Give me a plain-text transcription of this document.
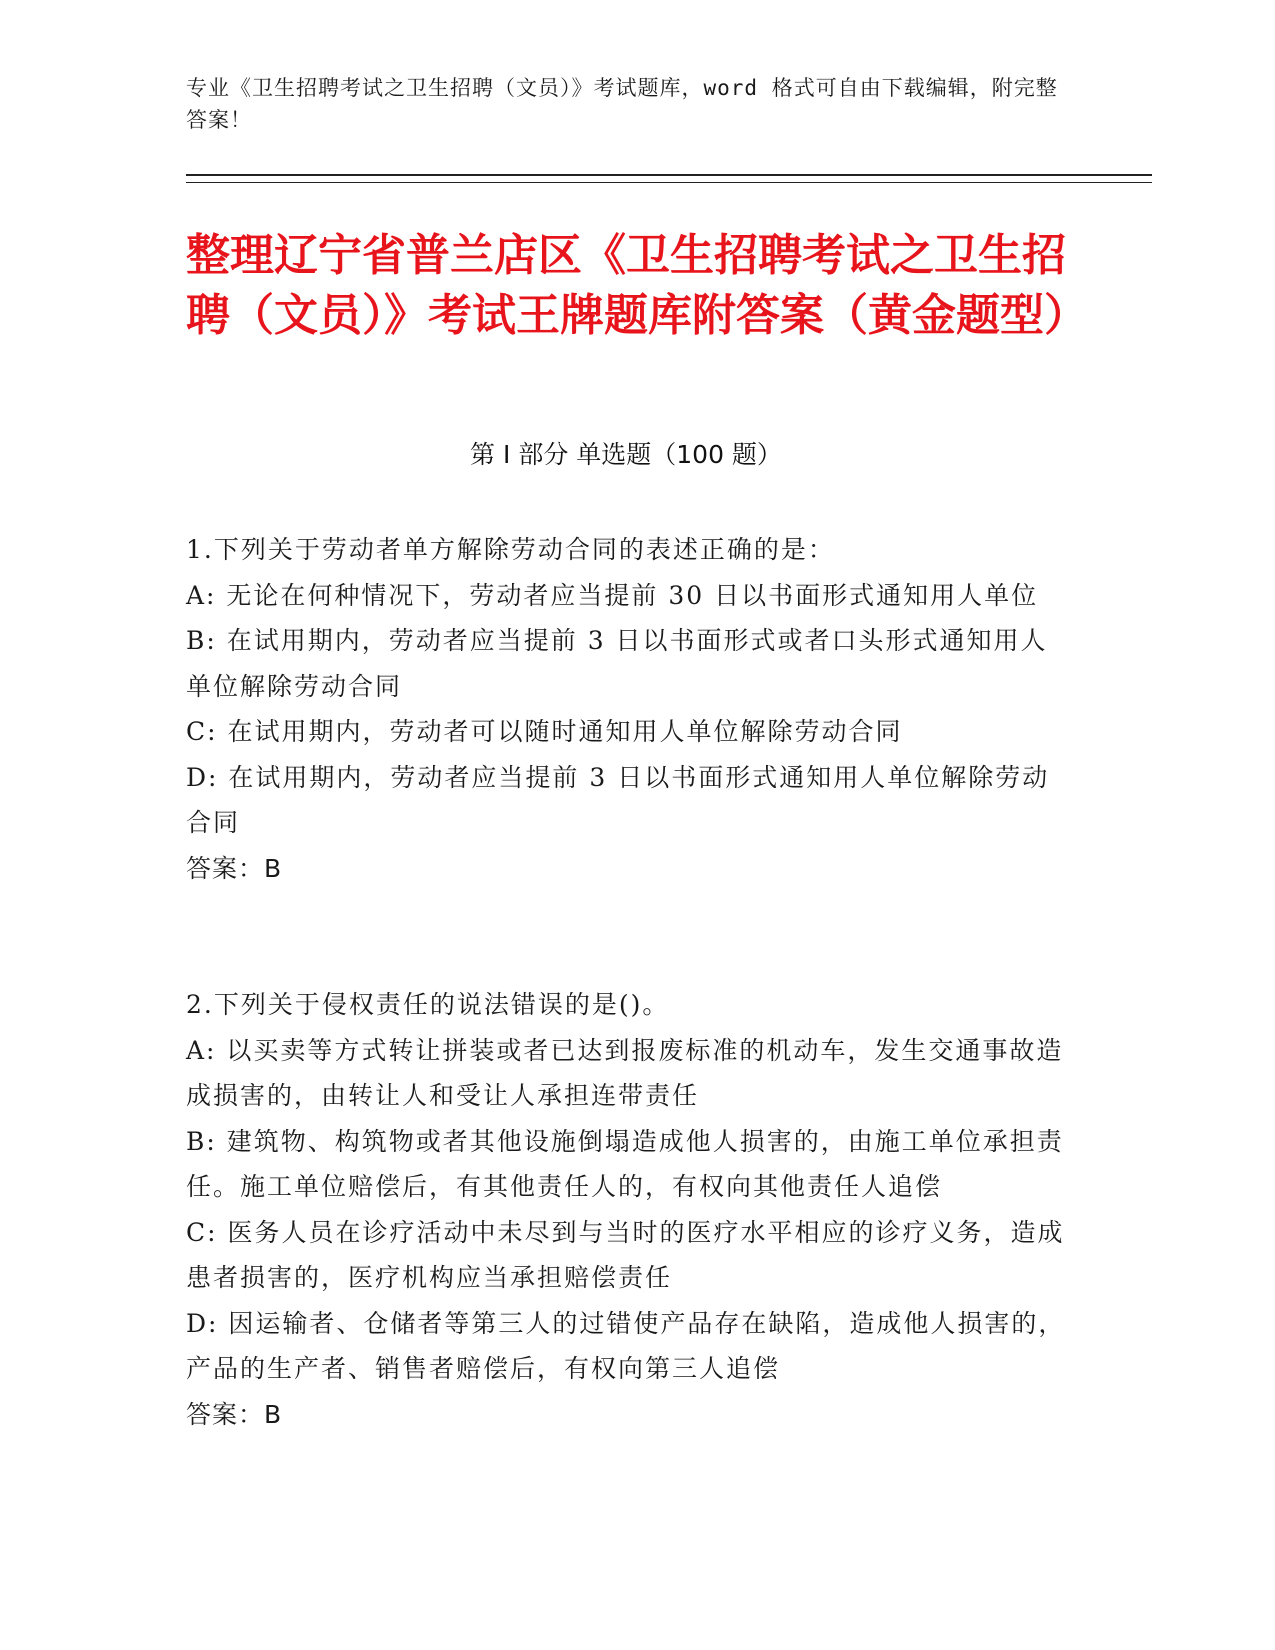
专业《卫生招聘考试之卫生招聘（文员）》考试题库，word 格式可自由下载编辑，附完整答案！
整理辽宁省普兰店区《卫生招聘考试之卫生招聘（文员）》考试王牌题库附答案（黄金题型）
第 I 部分 单选题（100 题）

1.下列关于劳动者单方解除劳动合同的表述正确的是：

A: 无论在何种情况下，劳动者应当提前 30 日以书面形式通知用人单位

B: 在试用期内，劳动者应当提前 3 日以书面形式或者口头形式通知用人单位解除劳动合同

C: 在试用期内，劳动者可以随时通知用人单位解除劳动合同

D: 在试用期内，劳动者应当提前 3 日以书面形式通知用人单位解除劳动合同

答案：B

2.下列关于侵权责任的说法错误的是()。

A: 以买卖等方式转让拼装或者已达到报废标准的机动车，发生交通事故造成损害的，由转让人和受让人承担连带责任

B: 建筑物、构筑物或者其他设施倒塌造成他人损害的，由施工单位承担责任。施工单位赔偿后，有其他责任人的，有权向其他责任人追偿

C: 医务人员在诊疗活动中未尽到与当时的医疗水平相应的诊疗义务，造成患者损害的，医疗机构应当承担赔偿责任

D: 因运输者、仓储者等第三人的过错使产品存在缺陷，造成他人损害的，产品的生产者、销售者赔偿后，有权向第三人追偿

答案：B
